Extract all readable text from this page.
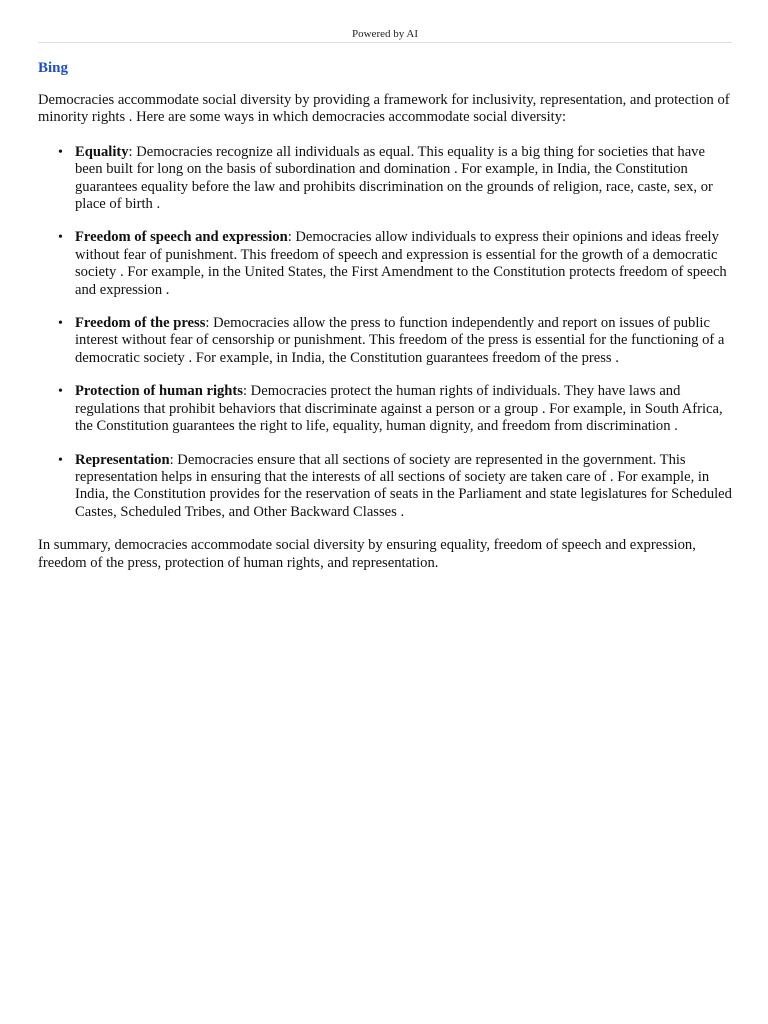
Powered by AI
Bing

Democracies accommodate social diversity by providing a framework for inclusivity, representation, and protection of minority rights . Here are some ways in which democracies accommodate social diversity:

• Equality: Democracies recognize all individuals as equal. This equality is a big thing for societies that have been built for long on the basis of subordination and domination . For example, in India, the Constitution guarantees equality before the law and prohibits discrimination on the grounds of religion, race, caste, sex, or place of birth .
• Freedom of speech and expression: Democracies allow individuals to express their opinions and ideas freely without fear of punishment. This freedom of speech and expression is essential for the growth of a democratic society . For example, in the United States, the First Amendment to the Constitution protects freedom of speech and expression .
• Freedom of the press: Democracies allow the press to function independently and report on issues of public interest without fear of censorship or punishment. This freedom of the press is essential for the functioning of a democratic society . For example, in India, the Constitution guarantees freedom of the press .
• Protection of human rights: Democracies protect the human rights of individuals. They have laws and regulations that prohibit behaviors that discriminate against a person or a group . For example, in South Africa, the Constitution guarantees the right to life, equality, human dignity, and freedom from discrimination .
• Representation: Democracies ensure that all sections of society are represented in the government. This representation helps in ensuring that the interests of all sections of society are taken care of . For example, in India, the Constitution provides for the reservation of seats in the Parliament and state legislatures for Scheduled Castes, Scheduled Tribes, and Other Backward Classes .

In summary, democracies accommodate social diversity by ensuring equality, freedom of speech and expression, freedom of the press, protection of human rights, and representation.
